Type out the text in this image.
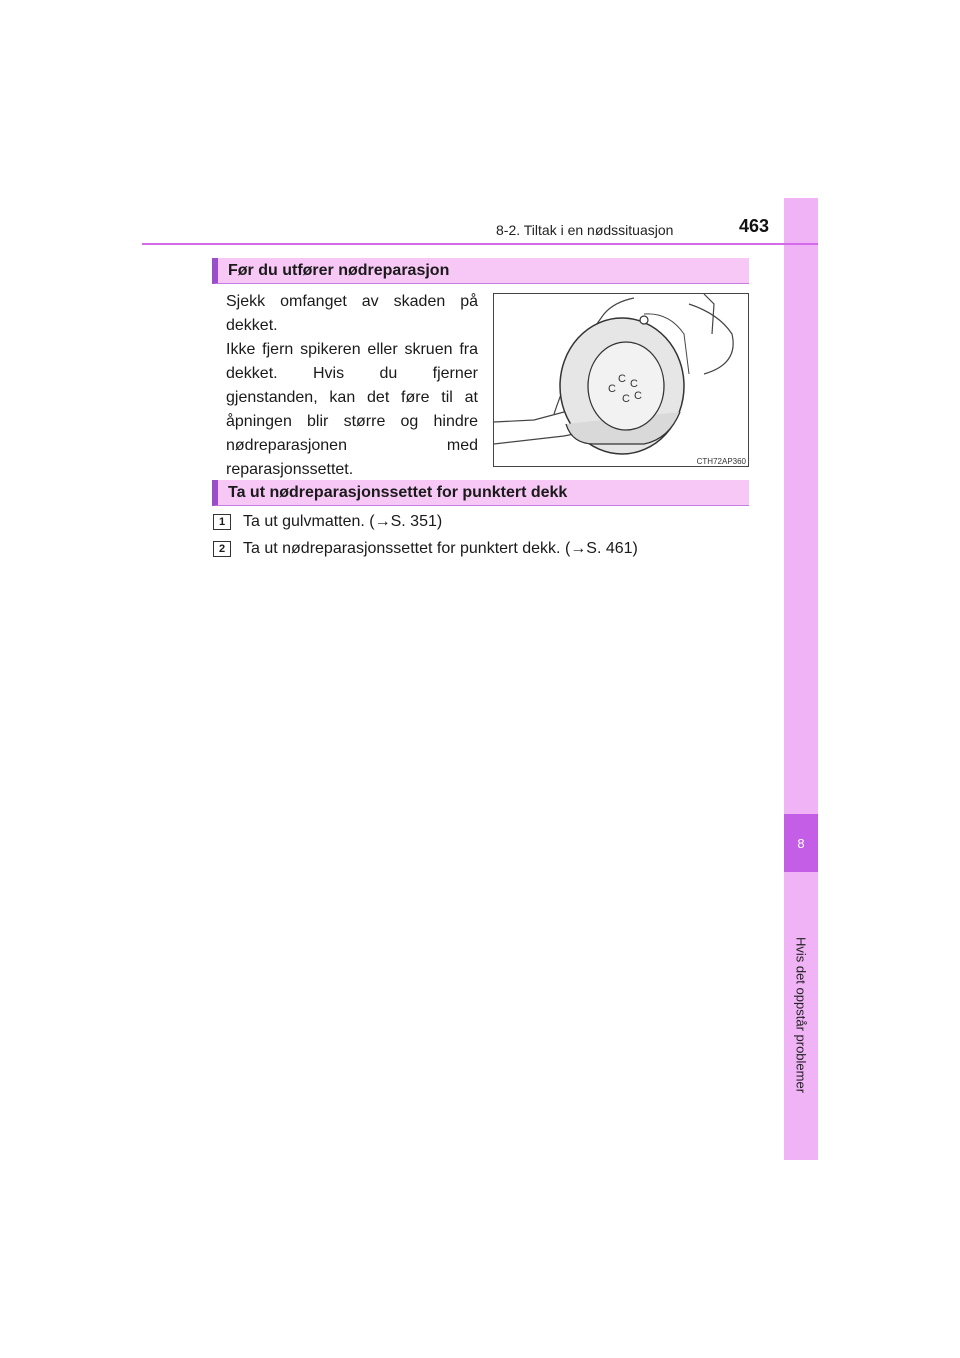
8
Hvis det oppstår problemer
8-2. Tiltak i en nødssituasjon	463
Før du utfører nødreparasjon

Sjekk omfanget av skaden på dekket.

Ikke fjern spikeren eller skruen fra dekket. Hvis du fjerner gjenstanden, kan det føre til at åpningen blir større og hindre nødreparasjonen med reparasjonssettet.

C C
C
C C
CTH72AP360
Ta ut nødreparasjonssettet for punktert dekk
1	Ta ut gulvmatten. (→S. 351)
2	Ta ut nødreparasjonssettet for punktert dekk. (→S. 461)
